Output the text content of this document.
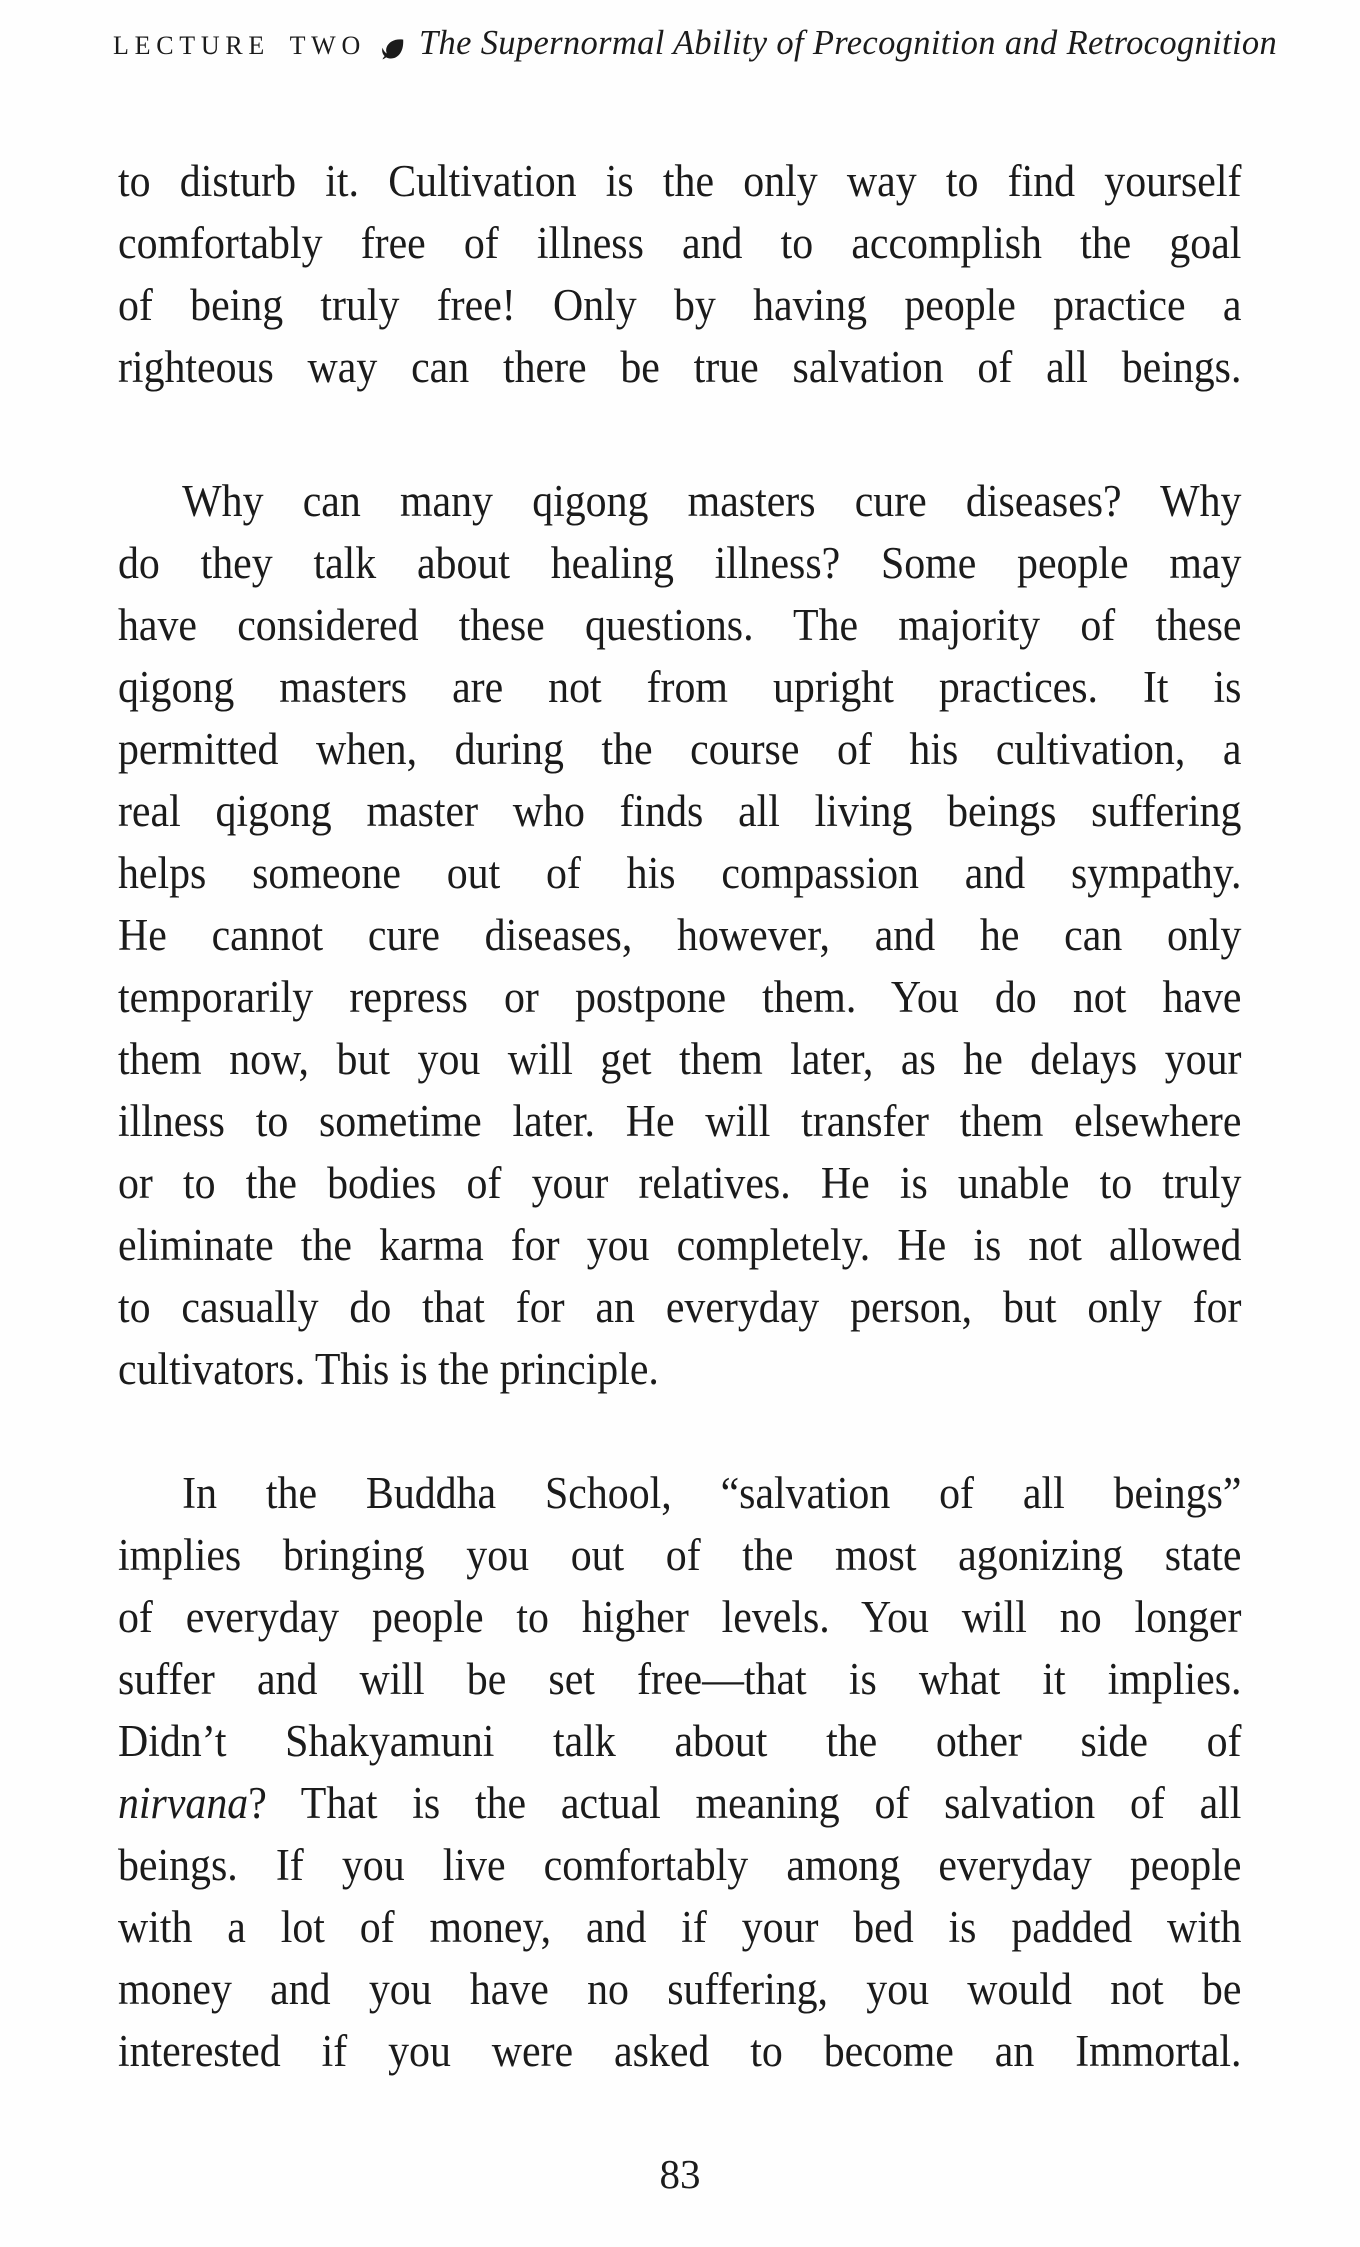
LECTURE TWO The Supernormal Ability of Precognition and Retrocognition
to disturb it. Cultivation is the only way to find yourself
comfortably free of illness and to accomplish the goal
of being truly free! Only by having people practice a
righteous way can there be true salvation of all beings.
Why can many qigong masters cure diseases? Why
do they talk about healing illness? Some people may
have considered these questions. The majority of these
qigong masters are not from upright practices. It is
permitted when, during the course of his cultivation, a
real qigong master who finds all living beings suffering
helps someone out of his compassion and sympathy.
He cannot cure diseases, however, and he can only
temporarily repress or postpone them. You do not have
them now, but you will get them later, as he delays your
illness to sometime later. He will transfer them elsewhere
or to the bodies of your relatives. He is unable to truly
eliminate the karma for you completely. He is not allowed
to casually do that for an everyday person, but only for
cultivators. This is the principle.
In the Buddha School, “salvation of all beings”
implies bringing you out of the most agonizing state
of everyday people to higher levels. You will no longer
suffer and will be set free—that is what it implies.
Didn’t Shakyamuni talk about the other side of
nirvana? That is the actual meaning of salvation of all
beings. If you live comfortably among everyday people
with a lot of money, and if your bed is padded with
money and you have no suffering, you would not be
interested if you were asked to become an Immortal.
83
